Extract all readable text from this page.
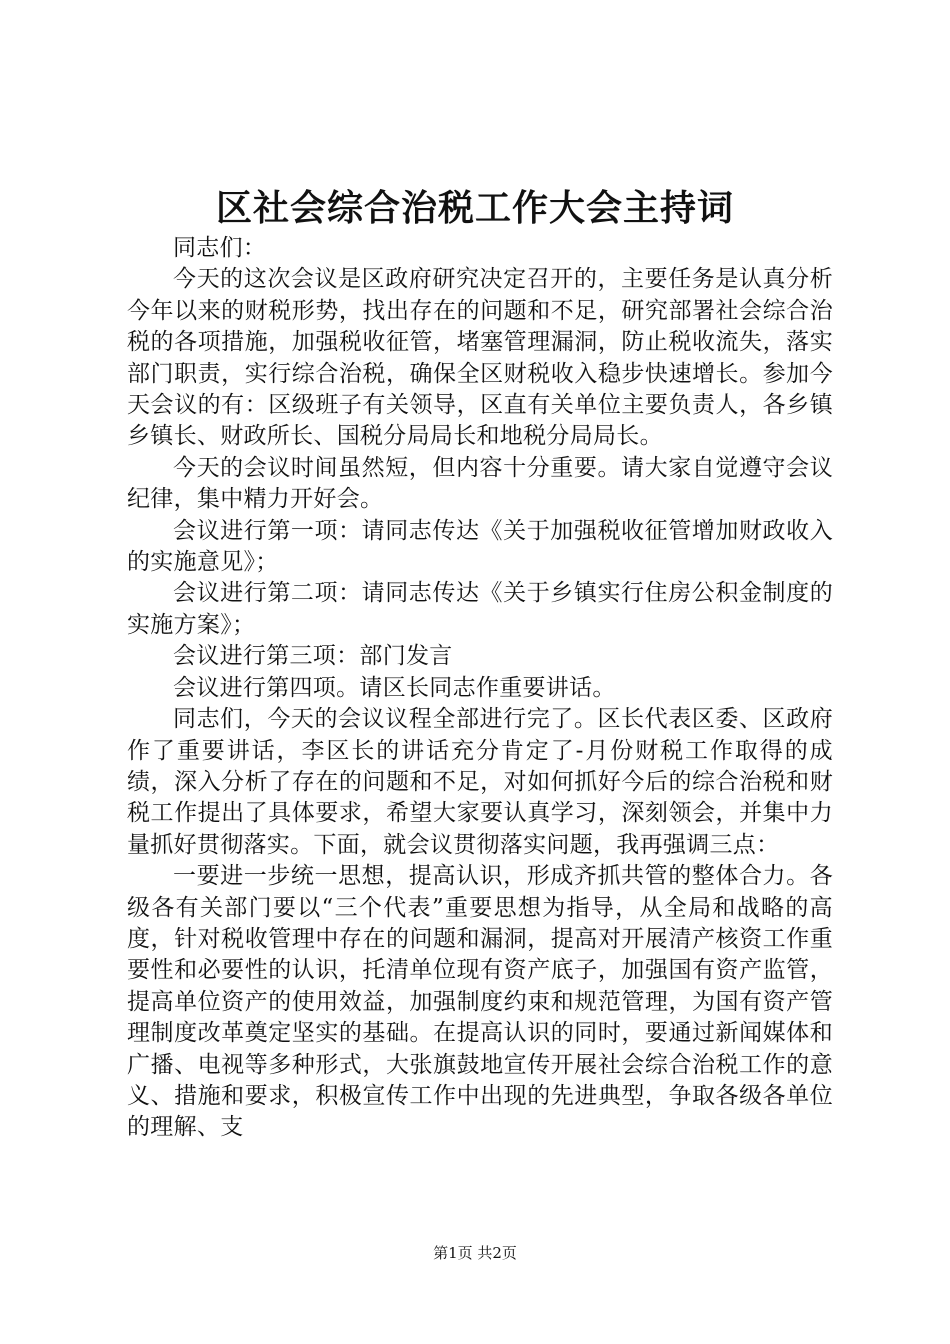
区社会综合治税工作大会主持词

同志们：

今天的这次会议是区政府研究决定召开的，主要任务是认真分析今年以来的财税形势，找出存在的问题和不足，研究部署社会综合治税的各项措施，加强税收征管，堵塞管理漏洞，防止税收流失，落实部门职责，实行综合治税，确保全区财税收入稳步快速增长。参加今天会议的有：区级班子有关领导，区直有关单位主要负责人，各乡镇乡镇长、财政所长、国税分局局长和地税分局局长。

今天的会议时间虽然短，但内容十分重要。请大家自觉遵守会议纪律，集中精力开好会。

会议进行第一项：请同志传达《关于加强税收征管增加财政收入的实施意见》；

会议进行第二项：请同志传达《关于乡镇实行住房公积金制度的实施方案》；

会议进行第三项：部门发言

会议进行第四项。请区长同志作重要讲话。

同志们，今天的会议议程全部进行完了。区长代表区委、区政府作了重要讲话，李区长的讲话充分肯定了-月份财税工作取得的成绩，深入分析了存在的问题和不足，对如何抓好今后的综合治税和财税工作提出了具体要求，希望大家要认真学习，深刻领会，并集中力量抓好贯彻落实。下面，就会议贯彻落实问题，我再强调三点：

一要进一步统一思想，提高认识，形成齐抓共管的整体合力。各级各有关部门要以“三个代表”重要思想为指导，从全局和战略的高度，针对税收管理中存在的问题和漏洞，提高对开展清产核资工作重要性和必要性的认识，托清单位现有资产底子，加强国有资产监管，提高单位资产的使用效益，加强制度约束和规范管理，为国有资产管理制度改革奠定坚实的基础。在提高认识的同时，要通过新闻媒体和广播、电视等多种形式，大张旗鼓地宣传开展社会综合治税工作的意义、措施和要求，积极宣传工作中出现的先进典型，争取各级各单位的理解、支

第1页 共2页
